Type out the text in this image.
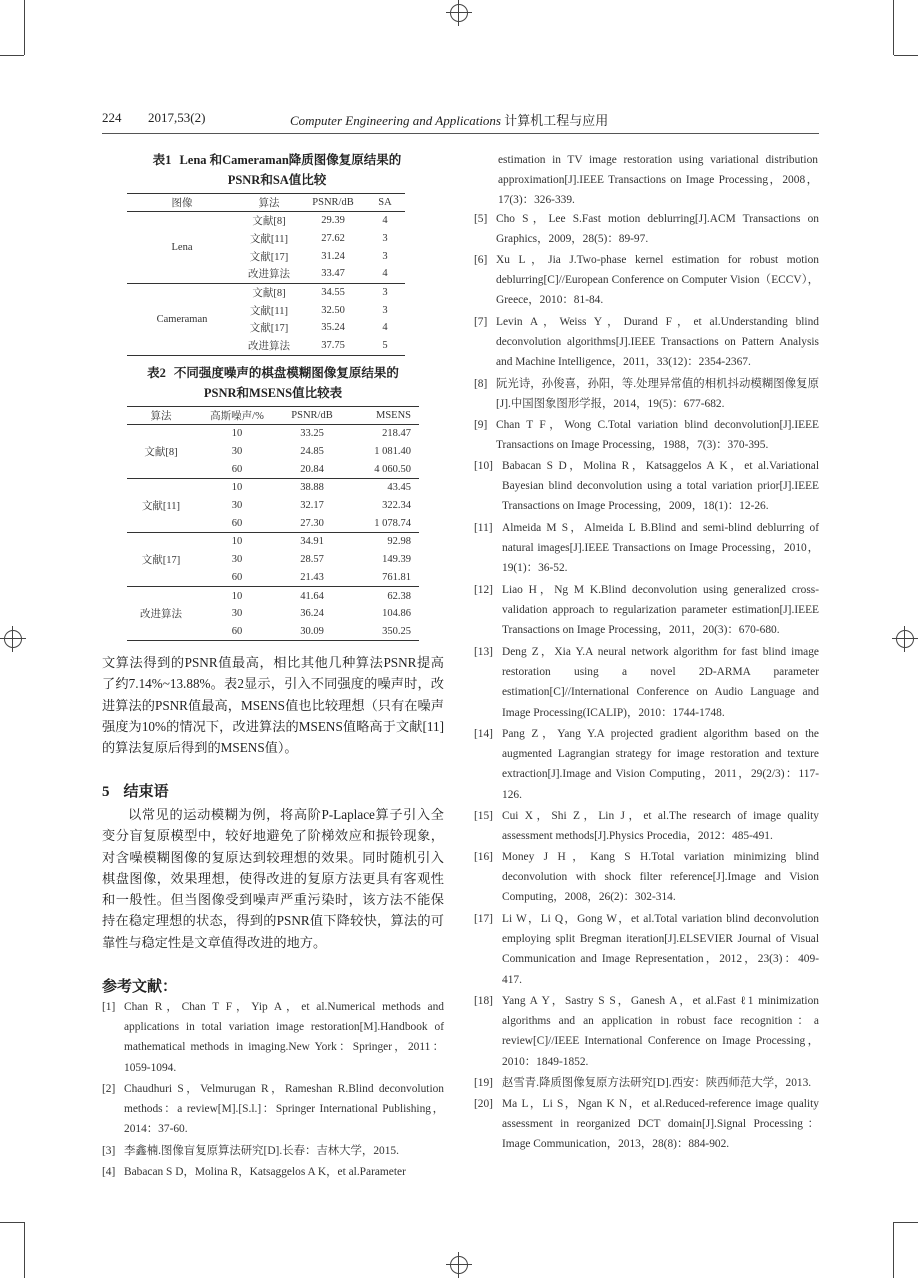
224 2017,53(2)	Computer Engineering and Applications 计算机工程与应用
表1 Lena 和Cameraman降质图像复原结果的
PSNR和SA值比较
图像	算法	PSNR/dB	SA
Lena	文献[8]	29.39	4
	文献[11]	27.62	3
	文献[17]	31.24	3
	改进算法	33.47	4
Cameraman	文献[8]	34.55	3
	文献[11]	32.50	3
	文献[17]	35.24	4
	改进算法	37.75	5
表2 不同强度噪声的棋盘模糊图像复原结果的
PSNR和MSENS值比较表
算法	高斯噪声/%	PSNR/dB	MSENS
文献[8]	10	33.25	218.47
	30	24.85	1 081.40
	60	20.84	4 060.50
文献[11]	10	38.88	43.45
	30	32.17	322.34
	60	27.30	1 078.74
文献[17]	10	34.91	92.98
	30	28.57	149.39
	60	21.43	761.81
改进算法	10	41.64	62.38
	30	36.24	104.86
	60	30.09	350.25
文算法得到的PSNR值最高，相比其他几种算法PSNR提高了约7.14%~13.88%。表2显示，引入不同强度的噪声时，改进算法的PSNR值最高，MSENS值也比较理想（只有在噪声强度为10%的情况下，改进算法的MSENS值略高于文献[11]的算法复原后得到的MSENS值）。
5 结束语
以常见的运动模糊为例，将高阶P-Laplace算子引入全变分盲复原模型中，较好地避免了阶梯效应和振铃现象，对含噪模糊图像的复原达到较理想的效果。同时随机引入棋盘图像，效果理想，使得改进的复原方法更具有客观性和一般性。但当图像受到噪声严重污染时，该方法不能保持在稳定理想的状态，得到的PSNR值下降较快，算法的可靠性与稳定性是文章值得改进的地方。
参考文献：
[1] Chan R，Chan T F，Yip A，et al.Numerical methods and applications in total variation image restoration[M].Handbook of mathematical methods in imaging.New York：Springer，2011：1059-1094.
[2] Chaudhuri S，Velmurugan R，Rameshan R.Blind deconvolution methods：a review[M].[S.l.]：Springer International Publishing，2014：37-60.
[3] 李鑫楠.图像盲复原算法研究[D].长春：吉林大学，2015.
[4] Babacan S D，Molina R，Katsaggelos A K，et al.Parameter
estimation in TV image restoration using variational distribution approximation[J].IEEE Transactions on Image Processing，2008，17(3)：326-339.
[5] Cho S，Lee S.Fast motion deblurring[J].ACM Transactions on Graphics，2009，28(5)：89-97.
[6] Xu L，Jia J.Two-phase kernel estimation for robust motion deblurring[C]//European Conference on Computer Vision（ECCV），Greece，2010：81-84.
[7] Levin A，Weiss Y，Durand F，et al.Understanding blind deconvolution algorithms[J].IEEE Transactions on Pattern Analysis and Machine Intelligence，2011，33(12)：2354-2367.
[8] 阮光诗，孙俊喜，孙阳，等.处理异常值的相机抖动模糊图像复原[J].中国图象图形学报，2014，19(5)：677-682.
[9] Chan T F，Wong C.Total variation blind deconvolution[J].IEEE Transactions on Image Processing，1988，7(3)：370-395.
[10] Babacan S D，Molina R，Katsaggelos A K，et al.Variational Bayesian blind deconvolution using a total variation prior[J].IEEE Transactions on Image Processing，2009，18(1)：12-26.
[11] Almeida M S，Almeida L B.Blind and semi-blind deblurring of natural images[J].IEEE Transactions on Image Processing，2010，19(1)：36-52.
[12] Liao H，Ng M K.Blind deconvolution using generalized cross-validation approach to regularization parameter estimation[J].IEEE Transactions on Image Processing，2011，20(3)：670-680.
[13] Deng Z，Xia Y.A neural network algorithm for fast blind image restoration using a novel 2D-ARMA parameter estimation[C]//International Conference on Audio Language and Image Processing(ICALIP)，2010：1744-1748.
[14] Pang Z，Yang Y.A projected gradient algorithm based on the augmented Lagrangian strategy for image restoration and texture extraction[J].Image and Vision Computing，2011，29(2/3)：117-126.
[15] Cui X，Shi Z，Lin J，et al.The research of image quality assessment methods[J].Physics Procedia，2012：485-491.
[16] Money J H，Kang S H.Total variation minimizing blind deconvolution with shock filter reference[J].Image and Vision Computing，2008，26(2)：302-314.
[17] Li W，Li Q，Gong W，et al.Total variation blind deconvolution employing split Bregman iteration[J].ELSEVIER Journal of Visual Communication and Image Representation，2012，23(3)：409-417.
[18] Yang A Y，Sastry S S，Ganesh A，et al.Fast ℓ1 minimization algorithms and an application in robust face recognition：a review[C]//IEEE International Conference on Image Processing，2010：1849-1852.
[19] 赵雪青.降质图像复原方法研究[D].西安：陕西师范大学，2013.
[20] Ma L，Li S，Ngan K N，et al.Reduced-reference image quality assessment in reorganized DCT domain[J].Signal Processing：Image Communication，2013，28(8)：884-902.
